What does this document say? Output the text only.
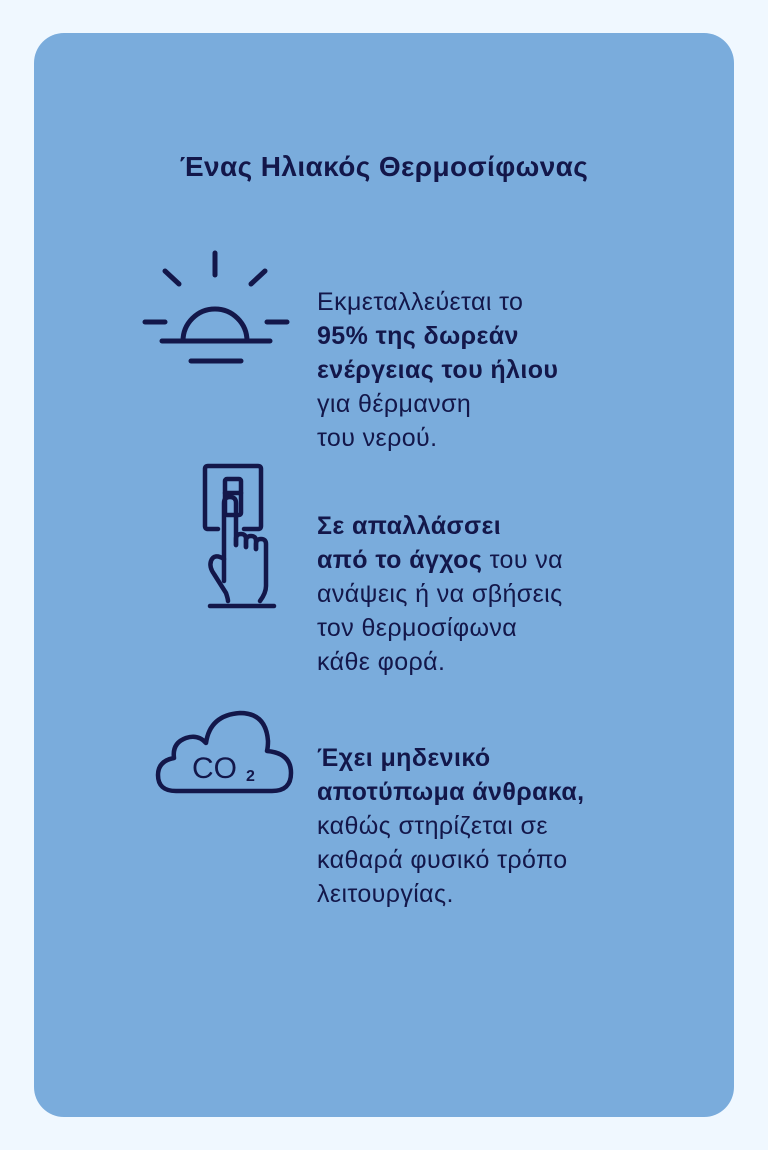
Ένας Ηλιακός Θερμοσίφωνας
Εκμεταλλεύεται το
95% της δωρεάν
ενέργειας του ήλιου
για θέρμανση
του νερού.
Σε απαλλάσσει
από το άγχος του να
ανάψεις ή να σβήσεις
τον θερμοσίφωνα
κάθε φορά.
CO 2
Έχει μηδενικό
αποτύπωμα άνθρακα,
καθώς στηρίζεται σε
καθαρά φυσικό τρόπο
λειτουργίας.
